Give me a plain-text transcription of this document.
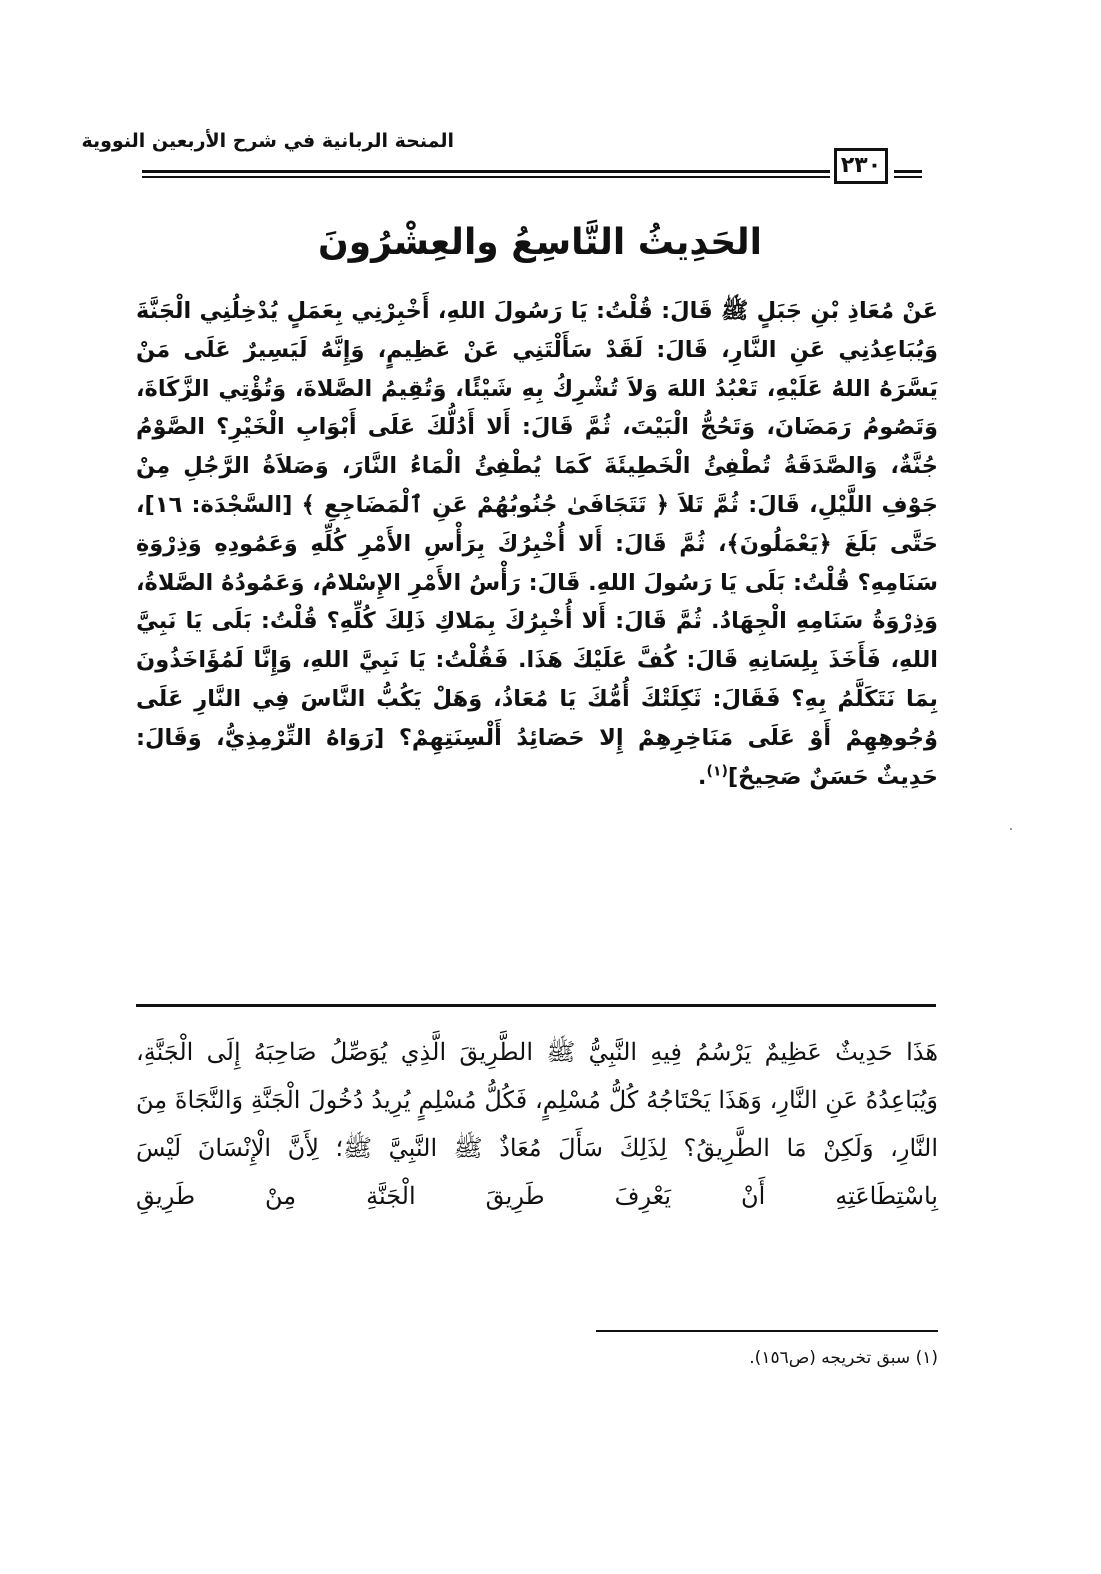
المنحة الربانية في شرح الأربعين النووية
٢٣٠
الحَدِيثُ التَّاسِعُ والعِشْرُونَ
عَنْ مُعَاذِ بْنِ جَبَلٍ ﷺ قَالَ: قُلْتُ: يَا رَسُولَ اللهِ، أَخْبِرْنِي بِعَمَلٍ يُدْخِلُنِي الْجَنَّةَ وَيُبَاعِدُنِي عَنِ النَّارِ، قَالَ: لَقَدْ سَأَلْتَنِي عَنْ عَظِيمٍ، وَإِنَّهُ لَيَسِيرٌ عَلَى مَنْ يَسَّرَهُ اللهُ عَلَيْهِ، تَعْبُدُ اللهَ وَلاَ تُشْرِكُ بِهِ شَيْئًا، وَتُقِيمُ الصَّلاةَ، وَتُؤْتِي الزَّكَاةَ، وَتَصُومُ رَمَضَانَ، وَتَحُجُّ الْبَيْتَ، ثُمَّ قَالَ: أَلا أَدُلُّكَ عَلَى أَبْوَابِ الْخَيْرِ؟ الصَّوْمُ جُنَّةٌ، وَالصَّدَقَةُ تُطْفِئُ الْخَطِيئَةَ كَمَا يُطْفِئُ الْمَاءُ النَّارَ، وَصَلاَةُ الرَّجُلِ مِنْ جَوْفِ اللَّيْلِ، قَالَ: ثُمَّ تَلاَ ﴿ تَتَجَافَىٰ جُنُوبُهُمْ عَنِ ٱلْمَضَاجِعِ ﴾ [السَّجْدَة: ١٦]، حَتَّى بَلَغَ ﴿يَعْمَلُونَ﴾، ثُمَّ قَالَ: أَلا أُخْبِرُكَ بِرَأْسِ الأَمْرِ كُلِّهِ وَعَمُودِهِ وَذِرْوَةِ سَنَامِهِ؟ قُلْتُ: بَلَى يَا رَسُولَ اللهِ. قَالَ: رَأْسُ الأَمْرِ الإِسْلامُ، وَعَمُودُهُ الصَّلاةُ، وَذِرْوَةُ سَنَامِهِ الْجِهَادُ. ثُمَّ قَالَ: أَلا أُخْبِرُكَ بِمَلاكِ ذَلِكَ كُلِّهِ؟ قُلْتُ: بَلَى يَا نَبِيَّ اللهِ، فَأَخَذَ بِلِسَانِهِ قَالَ: كُفَّ عَلَيْكَ هَذَا. فَقُلْتُ: يَا نَبِيَّ اللهِ، وَإِنَّا لَمُؤَاخَذُونَ بِمَا نَتَكَلَّمُ بِهِ؟ فَقَالَ: ثَكِلَتْكَ أُمُّكَ يَا مُعَاذُ، وَهَلْ يَكُبُّ النَّاسَ فِي النَّارِ عَلَى وُجُوهِهِمْ أَوْ عَلَى مَنَاخِرِهِمْ إِلا حَصَائِدُ أَلْسِنَتِهِمْ؟ [رَوَاهُ التِّرْمِذِيُّ، وَقَالَ: حَدِيثٌ حَسَنٌ صَحِيحٌ]$^{(١)}$.
هَذَا حَدِيثٌ عَظِيمٌ يَرْسُمُ فِيهِ النَّبِيُّ ﷺ الطَّرِيقَ الَّذِي يُوَصِّلُ صَاحِبَهُ إِلَى الْجَنَّةِ، وَيُبَاعِدُهُ عَنِ النَّارِ، وَهَذَا يَحْتَاجُهُ كُلُّ مُسْلِمٍ، فَكُلُّ مُسْلِمٍ يُرِيدُ دُخُولَ الْجَنَّةِ وَالنَّجَاةَ مِنَ النَّارِ، وَلَكِنْ مَا الطَّرِيقُ؟ لِذَلِكَ سَأَلَ مُعَاذٌ ﷺ النَّبِيَّ ﷺ؛ لِأَنَّ الْإِنْسَانَ لَيْسَ بِاسْتِطَاعَتِهِ أَنْ يَعْرِفَ طَرِيقَ الْجَنَّةِ مِنْ طَرِيقِ
(١) سبق تخريجه (ص١٥٦).
